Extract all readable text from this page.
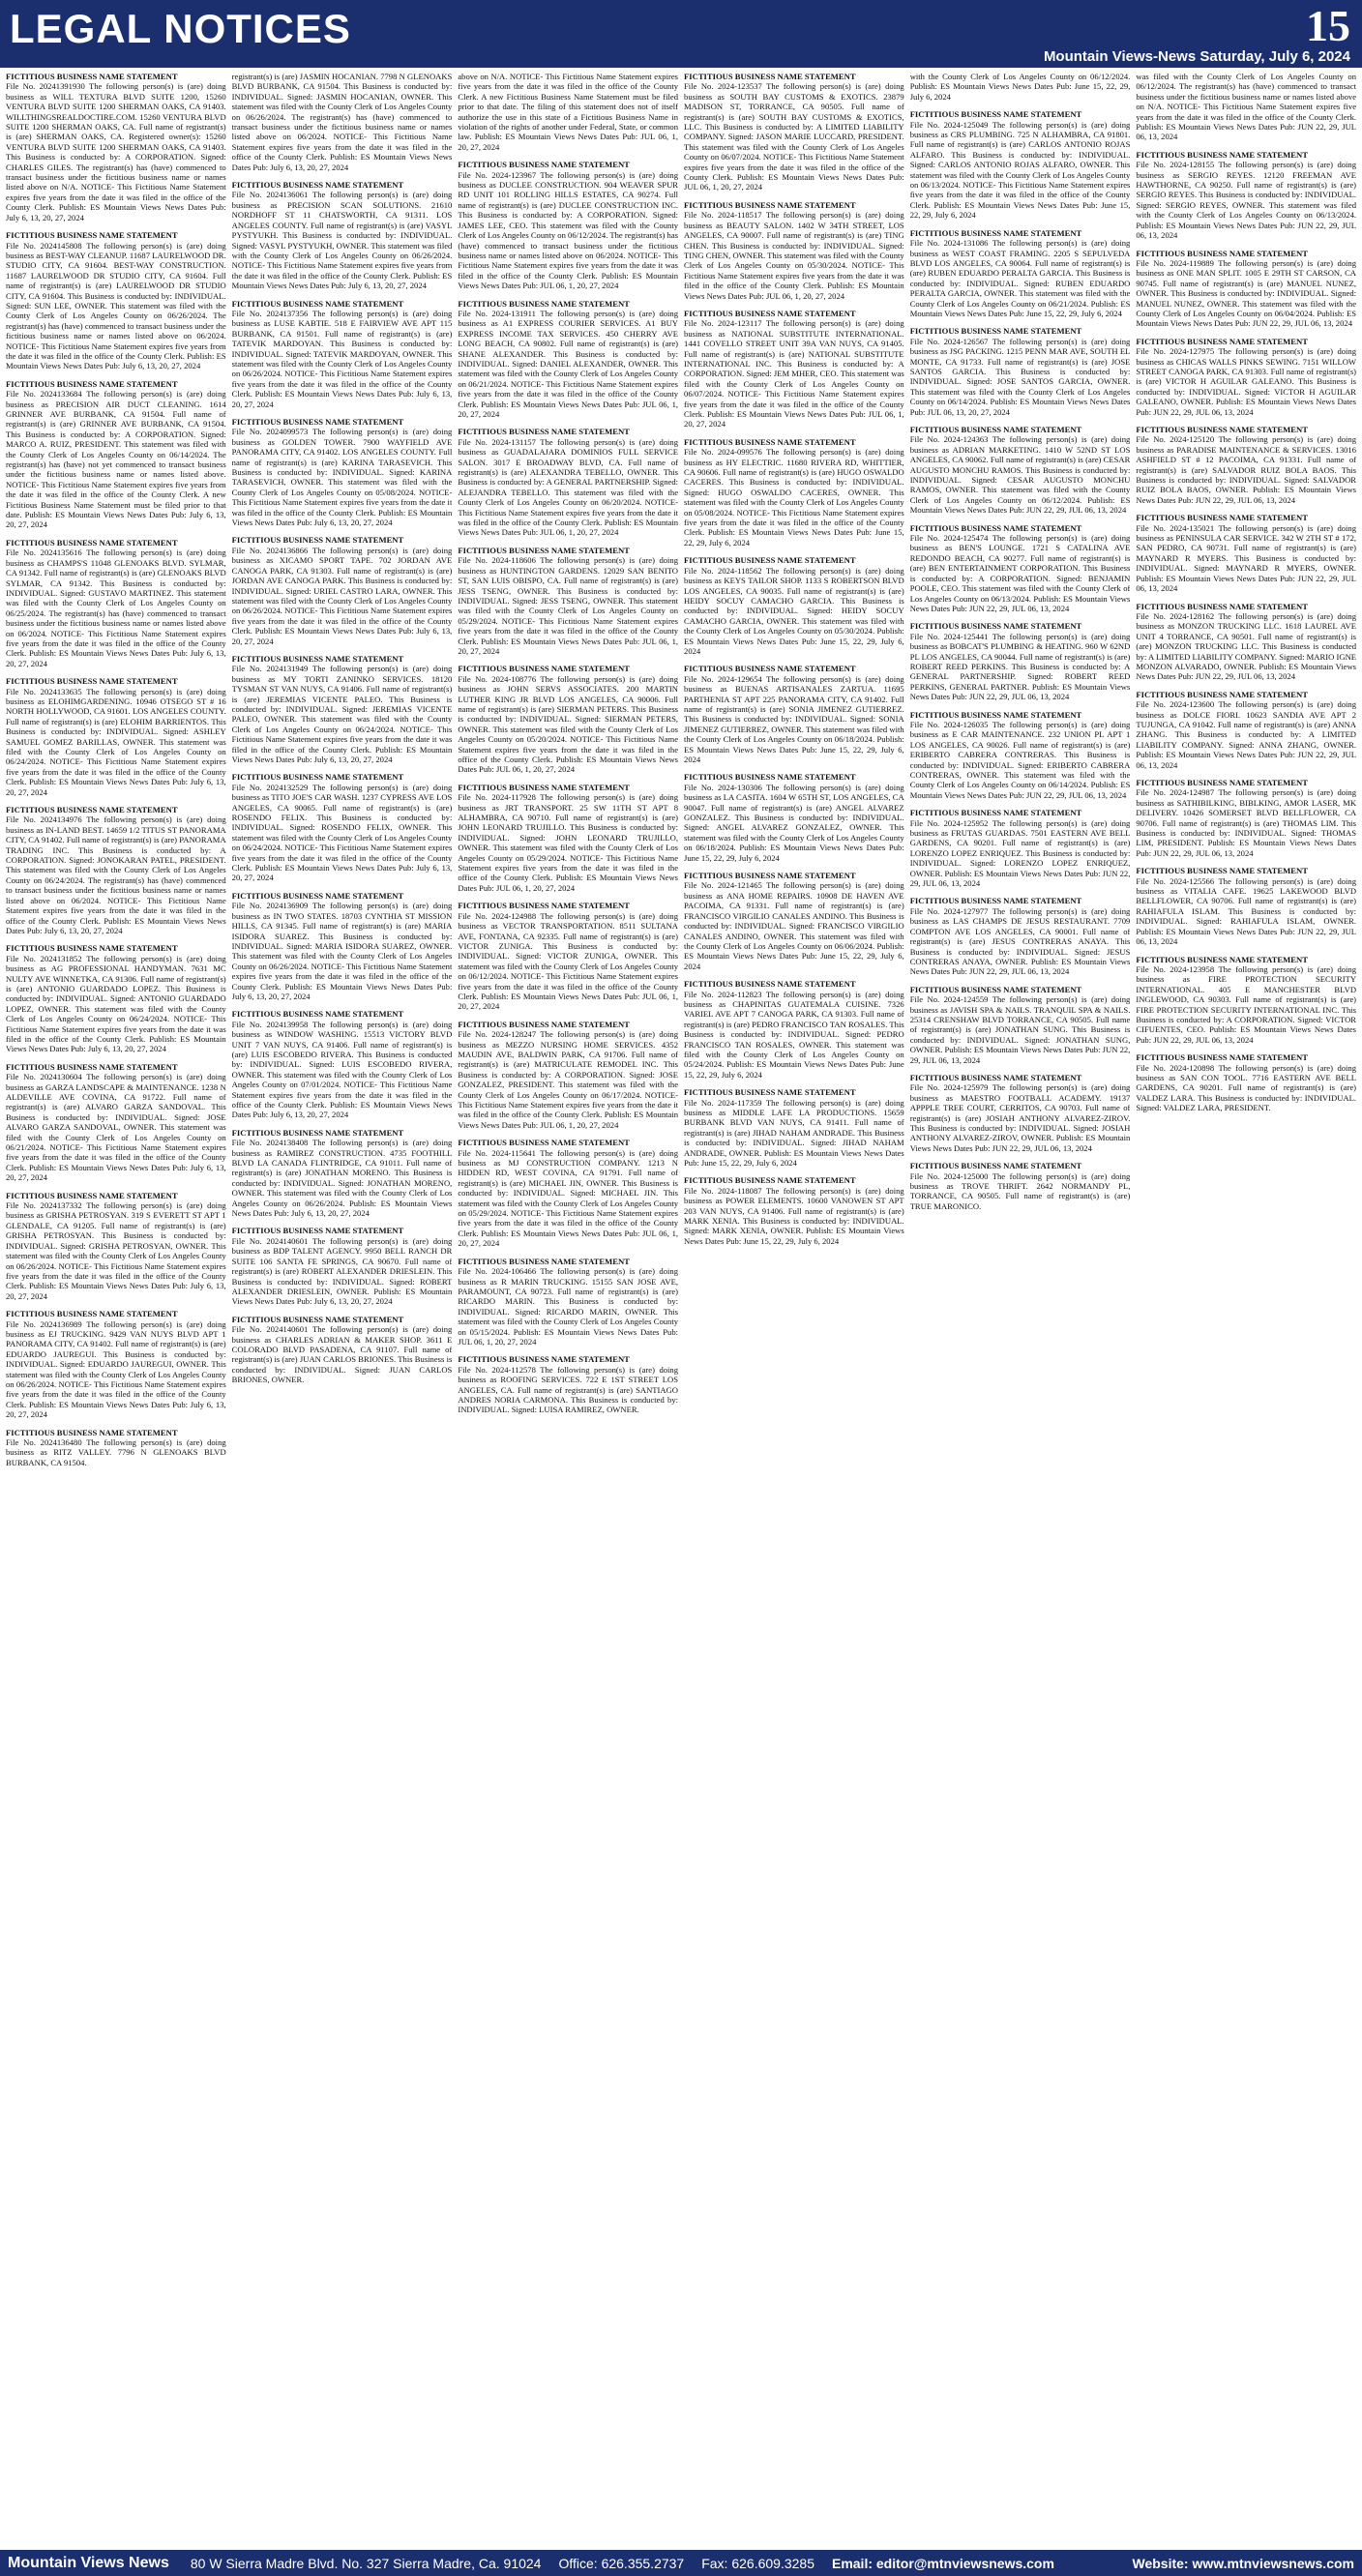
LEGAL NOTICES	15
Mountain Views-News Saturday, July 6, 2024
FICTITIOUS BUSINESS NAME STATEMENT
File No. 20241391930 The following person(s) is (are) doing business as WILL TEXTURA BLVD SUITE 1200, 15260 VENTURA BLVD SUITE 1200 SHERMAN OAKS, CA 91403. WILLTHINGSREALDOCTIRE.COM. 15260 VENTURA BLVD SUITE 1200 SHERMAN OAKS, CA. Full name of registrant(s) is (are) SHERMAN OAKS, CA. Registered owner(s): 15260 VENTURA BLVD SUITE 1200 SHERMAN OAKS, CA 91403. This Business is conducted by: A CORPORATION. Signed: CHARLES GILES. The registrant(s) has (have) commenced to transact business under the fictitious business name or names listed above on N/A. NOTICE- This Fictitious Name Statement expires five years from the date it was filed in the office of the County Clerk. Publish: ES Mountain Views News Dates Pub: July 6, 13, 20, 27, 2024
FICTITIOUS BUSINESS NAME STATEMENT
File No. 2024145808 The following person(s) is (are) doing business as BEST-WAY CLEANUP. 11687 LAURELWOOD DR. STUDIO CITY, CA 91604. BEST-WAY CONSTRUCTION. 11687 LAURELWOOD DR STUDIO CITY, CA 91604. Full name of registrant(s) is (are) LAURELWOOD DR STUDIO CITY, CA 91604. This Business is conducted by: INDIVIDUAL. Signed: SUN LEE, OWNER. This statement was filed with the County Clerk of Los Angeles County on 06/26/2024. The registrant(s) has (have) commenced to transact business under the fictitious business name or names listed above on 06/2024. NOTICE- This Fictitious Name Statement expires five years from the date it was filed in the office of the County Clerk. Publish: ES Mountain Views News Dates Pub: July 6, 13, 20, 27, 2024
FICTITIOUS BUSINESS NAME STATEMENT
File No. 2024133684 The following person(s) is (are) doing business as PRECISION AIR DUCT CLEANING. 1614 GRINNER AVE BURBANK, CA 91504. Full name of registrant(s) is (are) GRINNER AVE BURBANK, CA 91504. This Business is conducted by: A CORPORATION. Signed: MARCO A. RUIZ, PRESIDENT. This statement was filed with the County Clerk of Los Angeles County on 06/14/2024. The registrant(s) has (have) not yet commenced to transact business under the fictitious business name or names listed above. NOTICE- This Fictitious Name Statement expires five years from the date it was filed in the office of the County Clerk. A new Fictitious Business Name Statement must be filed prior to that date. Publish: ES Mountain Views News Dates Pub: July 6, 13, 20, 27, 2024
FICTITIOUS BUSINESS NAME STATEMENT
File No. 2024135616 The following person(s) is (are) doing business as CHAMPS'S 11048 GLENOAKS BLVD. SYLMAR, CA 91342. Full name of registrant(s) is (are) GLENOAKS BLVD SYLMAR, CA 91342. This Business is conducted by: INDIVIDUAL. Signed: GUSTAVO MARTINEZ. This statement was filed with the County Clerk of Los Angeles County on 06/25/2024. The registrant(s) has (have) commenced to transact business under the fictitious business name or names listed above on 06/2024. NOTICE- This Fictitious Name Statement expires five years from the date it was filed in the office of the County Clerk. Publish: ES Mountain Views News Dates Pub: July 6, 13, 20, 27, 2024
FICTITIOUS BUSINESS NAME STATEMENT
File No. 2024133635 The following person(s) is (are) doing business as ELOHIMGARDENING. 10946 OTSEGO ST # 16 NORTH HOLLYWOOD, CA 91601. LOS ANGELES COUNTY. Full name of registrant(s) is (are) ELOHIM BARRIENTOS. This Business is conducted by: INDIVIDUAL. Signed: ASHLEY SAMUEL GOMEZ BARILLAS, OWNER. This statement was filed with the County Clerk of Los Angeles County on 06/24/2024. NOTICE- This Fictitious Name Statement expires five years from the date it was filed in the office of the County Clerk. Publish: ES Mountain Views News Dates Pub: July 6, 13, 20, 27, 2024
FICTITIOUS BUSINESS NAME STATEMENT
File No. 2024134976 The following person(s) is (are) doing business as IN-LAND BEST. 14659 1/2 TITUS ST PANORAMA CITY, CA 91402. Full name of registrant(s) is (are) PANORAMA TRADING INC. This Business is conducted by: A CORPORATION. Signed: JONOKARAN PATEL, PRESIDENT. This statement was filed with the County Clerk of Los Angeles County on 06/24/2024. The registrant(s) has (have) commenced to transact business under the fictitious business name or names listed above on 06/2024. NOTICE- This Fictitious Name Statement expires five years from the date it was filed in the office of the County Clerk. Publish: ES Mountain Views News Dates Pub: July 6, 13, 20, 27, 2024
FICTITIOUS BUSINESS NAME STATEMENT
File No. 2024131852 The following person(s) is (are) doing business as AG PROFESSIONAL HANDYMAN. 7631 MC NULTY AVE WINNETKA, CA 91306. Full name of registrant(s) is (are) ANTONIO GUARDADO LOPEZ. This Business is conducted by: INDIVIDUAL. Signed: ANTONIO GUARDADO LOPEZ, OWNER. This statement was filed with the County Clerk of Los Angeles County on 06/24/2024. NOTICE- This Fictitious Name Statement expires five years from the date it was filed in the office of the County Clerk. Publish: ES Mountain Views News Dates Pub: July 6, 13, 20, 27, 2024
FICTITIOUS BUSINESS NAME STATEMENT
File No. 2024130604 The following person(s) is (are) doing business as GARZA LANDSCAPE & MAINTENANCE. 1238 N ALDEVILLE AVE COVINA, CA 91722. Full name of registrant(s) is (are) ALVARO GARZA SANDOVAL. This Business is conducted by: INDIVIDUAL. Signed: JOSE ALVARO GARZA SANDOVAL, OWNER. This statement was filed with the County Clerk of Los Angeles County on 06/21/2024. NOTICE- This Fictitious Name Statement expires five years from the date it was filed in the office of the County Clerk. Publish: ES Mountain Views News Dates Pub: July 6, 13, 20, 27, 2024
FICTITIOUS BUSINESS NAME STATEMENT
File No. 2024137332 The following person(s) is (are) doing business as GRISHA PETROSYAN. 319 S EVERETT ST APT 1 GLENDALE, CA 91205. Full name of registrant(s) is (are) GRISHA PETROSYAN. This Business is conducted by: INDIVIDUAL. Signed: GRISHA PETROSYAN, OWNER. This statement was filed with the County Clerk of Los Angeles County on 06/26/2024. NOTICE- This Fictitious Name Statement expires five years from the date it was filed in the office of the County Clerk. Publish: ES Mountain Views News Dates Pub: July 6, 13, 20, 27, 2024
FICTITIOUS BUSINESS NAME STATEMENT
File No. 2024136989 The following person(s) is (are) doing business as EJ TRUCKING. 9429 VAN NUYS BLVD APT 1 PANORAMA CITY, CA 91402. Full name of registrant(s) is (are) EDUARDO JAUREGUI. This Business is conducted by: INDIVIDUAL. Signed: EDUARDO JAUREGUI, OWNER. This statement was filed with the County Clerk of Los Angeles County on 06/26/2024. NOTICE- This Fictitious Name Statement expires five years from the date it was filed in the office of the County Clerk. Publish: ES Mountain Views News Dates Pub: July 6, 13, 20, 27, 2024
FICTITIOUS BUSINESS NAME STATEMENT
File No. 2024136480 The following person(s) is (are) doing business as RITZ VALLEY. 7796 N GLENOAKS BLVD BURBANK, CA 91504.
registrant(s) is (are) JASMIN HOCANIAN. 7798 N GLENOAKS BLVD BURBANK, CA 91504. This Business is conducted by: INDIVIDUAL. Signed: JASMIN HOCANIAN, OWNER. This statement was filed with the County Clerk of Los Angeles County on 06/26/2024. The registrant(s) has (have) commenced to transact business under the fictitious business name or names listed above on 06/2024. NOTICE- This Fictitious Name Statement expires five years from the date it was filed in the office of the County Clerk. Publish: ES Mountain Views News Dates Pub: July 6, 13, 20, 27, 2024
FICTITIOUS BUSINESS NAME STATEMENT
File No. 2024136061 The following person(s) is (are) doing business as PRECISION SCAN SOLUTIONS. 21610 NORDHOFF ST 11 CHATSWORTH, CA 91311. LOS ANGELES COUNTY. Full name of registrant(s) is (are) VASYL PYSTYUKH. This Business is conducted by: INDIVIDUAL. Signed: VASYL PYSTYUKH, OWNER. This statement was filed with the County Clerk of Los Angeles County on 06/26/2024. NOTICE- This Fictitious Name Statement expires five years from the date it was filed in the office of the County Clerk. Publish: ES Mountain Views News Dates Pub: July 6, 13, 20, 27, 2024
FICTITIOUS BUSINESS NAME STATEMENT
File No. 2024137356 The following person(s) is (are) doing business as LUSE KABTIE. 518 E FAIRVIEW AVE APT 115 BURBANK, CA 91501. Full name of registrant(s) is (are) TATEVIK MARDOYAN. This Business is conducted by: INDIVIDUAL. Signed: TATEVIK MARDOYAN, OWNER. This statement was filed with the County Clerk of Los Angeles County on 06/26/2024. NOTICE- This Fictitious Name Statement expires five years from the date it was filed in the office of the County Clerk. Publish: ES Mountain Views News Dates Pub: July 6, 13, 20, 27, 2024
FICTITIOUS BUSINESS NAME STATEMENT
File No. 2024099573 The following person(s) is (are) doing business as GOLDEN TOWER. 7900 WAYFIELD AVE PANORAMA CITY, CA 91402. LOS ANGELES COUNTY. Full name of registrant(s) is (are) KARINA TARASEVICH. This Business is conducted by: INDIVIDUAL. Signed: KARINA TARASEVICH, OWNER. This statement was filed with the County Clerk of Los Angeles County on 05/08/2024. NOTICE- This Fictitious Name Statement expires five years from the date it was filed in the office of the County Clerk. Publish: ES Mountain Views News Dates Pub: July 6, 13, 20, 27, 2024
FICTITIOUS BUSINESS NAME STATEMENT
File No. 2024136866 The following person(s) is (are) doing business as XICAMO SPORT TAPE. 702 JORDAN AVE CANOGA PARK, CA 91303. Full name of registrant(s) is (are) JORDAN AVE CANOGA PARK. This Business is conducted by: INDIVIDUAL. Signed: URIEL CASTRO LARA, OWNER. This statement was filed with the County Clerk of Los Angeles County on 06/26/2024. NOTICE- This Fictitious Name Statement expires five years from the date it was filed in the office of the County Clerk. Publish: ES Mountain Views News Dates Pub: July 6, 13, 20, 27, 2024
FICTITIOUS BUSINESS NAME STATEMENT
File No. 2024131949 The following person(s) is (are) doing business as MY TORTI ZANINKO SERVICES. 18120 TYSMAN ST VAN NUYS, CA 91406. Full name of registrant(s) is (are) JEREMIAS VICENTE PALEO. This Business is conducted by: INDIVIDUAL. Signed: JEREMIAS VICENTE PALEO, OWNER. This statement was filed with the County Clerk of Los Angeles County on 06/24/2024. NOTICE- This Fictitious Name Statement expires five years from the date it was filed in the office of the County Clerk. Publish: ES Mountain Views News Dates Pub: July 6, 13, 20, 27, 2024
FICTITIOUS BUSINESS NAME STATEMENT
File No. 2024132529 The following person(s) is (are) doing business as TITO JOE'S CAR WASH. 1237 CYPRESS AVE LOS ANGELES, CA 90065. Full name of registrant(s) is (are) ROSENDO FELIX. This Business is conducted by: INDIVIDUAL. Signed: ROSENDO FELIX, OWNER. This statement was filed with the County Clerk of Los Angeles County on 06/24/2024. NOTICE- This Fictitious Name Statement expires five years from the date it was filed in the office of the County Clerk. Publish: ES Mountain Views News Dates Pub: July 6, 13, 20, 27, 2024
FICTITIOUS BUSINESS NAME STATEMENT
File No. 2024136909 The following person(s) is (are) doing business as IN TWO STATES. 18703 CYNTHIA ST MISSION HILLS, CA 91345. Full name of registrant(s) is (are) MARIA ISIDORA SUAREZ. This Business is conducted by: INDIVIDUAL. Signed: MARIA ISIDORA SUAREZ, OWNER. This statement was filed with the County Clerk of Los Angeles County on 06/26/2024. NOTICE- This Fictitious Name Statement expires five years from the date it was filed in the office of the County Clerk. Publish: ES Mountain Views News Dates Pub: July 6, 13, 20, 27, 2024
FICTITIOUS BUSINESS NAME STATEMENT
File No. 2024139958 The following person(s) is (are) doing business as WINDOW WASHING. 15513 VICTORY BLVD UNIT 7 VAN NUYS, CA 91406. Full name of registrant(s) is (are) LUIS ESCOBEDO RIVERA. This Business is conducted by: INDIVIDUAL. Signed: LUIS ESCOBEDO RIVERA, OWNER. This statement was filed with the County Clerk of Los Angeles County on 07/01/2024. NOTICE- This Fictitious Name Statement expires five years from the date it was filed in the office of the County Clerk. Publish: ES Mountain Views News Dates Pub: July 6, 13, 20, 27, 2024
FICTITIOUS BUSINESS NAME STATEMENT
File No. 2024138408 The following person(s) is (are) doing business as RAMIREZ CONSTRUCTION. 4735 FOOTHILL BLVD LA CANADA FLINTRIDGE, CA 91011. Full name of registrant(s) is (are) JONATHAN MORENO. This Business is conducted by: INDIVIDUAL. Signed: JONATHAN MORENO, OWNER. This statement was filed with the County Clerk of Los Angeles County on 06/26/2024. Publish: ES Mountain Views News Dates Pub: July 6, 13, 20, 27, 2024
FICTITIOUS BUSINESS NAME STATEMENT
File No. 2024140601 The following person(s) is (are) doing business as BDP TALENT AGENCY. 9950 BELL RANCH DR SUITE 106 SANTA FE SPRINGS, CA 90670. Full name of registrant(s) is (are) ROBERT ALEXANDER DRIESLEIN. This Business is conducted by: INDIVIDUAL. Signed: ROBERT ALEXANDER DRIESLEIN, OWNER. Publish: ES Mountain Views News Dates Pub: July 6, 13, 20, 27, 2024
FICTITIOUS BUSINESS NAME STATEMENT
File No. 2024140601 The following person(s) is (are) doing business as CHARLES ADRIAN & MAKER SHOP. 3611 E COLORADO BLVD PASADENA, CA 91107. Full name of registrant(s) is (are) JUAN CARLOS BRIONES. This Business is conducted by: INDIVIDUAL. Signed: JUAN CARLOS BRIONES, OWNER.
above on N/A. NOTICE- This Fictitious Name Statement expires five years from the date it was filed in the office of the County Clerk. A new Fictitious Business Name Statement must be filed prior to that date. The filing of this statement does not of itself authorize the use in this state of a Fictitious Business Name in violation of the rights of another under Federal, State, or common law. Publish: ES Mountain Views News Dates Pub: JUL 06, 1, 20, 27, 2024
FICTITIOUS BUSINESS NAME STATEMENT
File No. 2024-123967 The following person(s) is (are) doing business as DUCLEE CONSTRUCTION. 904 WEAVER SPUR RD UNIT 101 ROLLING HILLS ESTATES, CA 90274. Full name of registrant(s) is (are) DUCLEE CONSTRUCTION INC. This Business is conducted by: A CORPORATION. Signed: JAMES LEE, CEO. This statement was filed with the County Clerk of Los Angeles County on 06/12/2024. The registrant(s) has (have) commenced to transact business under the fictitious business name or names listed above on 06/2024. NOTICE- This Fictitious Name Statement expires five years from the date it was filed in the office of the County Clerk. Publish: ES Mountain Views News Dates Pub: JUL 06, 1, 20, 27, 2024
FICTITIOUS BUSINESS NAME STATEMENT
File No. 2024-131911 The following person(s) is (are) doing business as A1 EXPRESS COURIER SERVICES. A1 BUY EXPRESS INCOME TAX SERVICES. 450 CHERRY AVE LONG BEACH, CA 90802. Full name of registrant(s) is (are) SHANE ALEXANDER. This Business is conducted by: INDIVIDUAL. Signed: DANIEL ALEXANDER, OWNER. This statement was filed with the County Clerk of Los Angeles County on 06/21/2024. NOTICE- This Fictitious Name Statement expires five years from the date it was filed in the office of the County Clerk. Publish: ES Mountain Views News Dates Pub: JUL 06, 1, 20, 27, 2024
FICTITIOUS BUSINESS NAME STATEMENT
File No. 2024-131157 The following person(s) is (are) doing business as GUADALAJARA DOMINIOS FULL SERVICE SALON. 3017 E BROADWAY BLVD, CA. Full name of registrant(s) is (are) ALEXANDRA TEBELLO, OWNER. This Business is conducted by: A GENERAL PARTNERSHIP. Signed: ALEJANDRA TEBELLO. This statement was filed with the County Clerk of Los Angeles County on 06/20/2024. NOTICE- This Fictitious Name Statement expires five years from the date it was filed in the office of the County Clerk. Publish: ES Mountain Views News Dates Pub: JUL 06, 1, 20, 27, 2024
FICTITIOUS BUSINESS NAME STATEMENT
File No. 2024-118606 The following person(s) is (are) doing business as HUNTINGTON GARDENS. 12029 SAN BENITO ST, SAN LUIS OBISPO, CA. Full name of registrant(s) is (are) JESS TSENG, OWNER. This Business is conducted by: INDIVIDUAL. Signed: JESS TSENG, OWNER. This statement was filed with the County Clerk of Los Angeles County on 05/29/2024. NOTICE- This Fictitious Name Statement expires five years from the date it was filed in the office of the County Clerk. Publish: ES Mountain Views News Dates Pub: JUL 06, 1, 20, 27, 2024
FICTITIOUS BUSINESS NAME STATEMENT
File No. 2024-108776 The following person(s) is (are) doing business as JOHN SERVS ASSOCIATES. 200 MARTIN LUTHER KING JR BLVD LOS ANGELES, CA 90006. Full name of registrant(s) is (are) SIERMAN PETERS. This Business is conducted by: INDIVIDUAL. Signed: SIERMAN PETERS, OWNER. This statement was filed with the County Clerk of Los Angeles County on 05/20/2024. NOTICE- This Fictitious Name Statement expires five years from the date it was filed in the office of the County Clerk. Publish: ES Mountain Views News Dates Pub: JUL 06, 1, 20, 27, 2024
FICTITIOUS BUSINESS NAME STATEMENT
File No. 2024-117928 The following person(s) is (are) doing business as JRT TRANSPORT. 25 SW 11TH ST APT 8 ALHAMBRA, CA 90710. Full name of registrant(s) is (are) JOHN LEONARD TRUJILLO. This Business is conducted by: INDIVIDUAL. Signed: JOHN LEONARD TRUJILLO, OWNER. This statement was filed with the County Clerk of Los Angeles County on 05/29/2024. NOTICE- This Fictitious Name Statement expires five years from the date it was filed in the office of the County Clerk. Publish: ES Mountain Views News Dates Pub: JUL 06, 1, 20, 27, 2024
FICTITIOUS BUSINESS NAME STATEMENT
File No. 2024-124988 The following person(s) is (are) doing business as VECTOR TRANSPORTATION. 8511 SULTANA AVE, FONTANA, CA 92335. Full name of registrant(s) is (are) VICTOR ZUNIGA. This Business is conducted by: INDIVIDUAL. Signed: VICTOR ZUNIGA, OWNER. This statement was filed with the County Clerk of Los Angeles County on 06/12/2024. NOTICE- This Fictitious Name Statement expires five years from the date it was filed in the office of the County Clerk. Publish: ES Mountain Views News Dates Pub: JUL 06, 1, 20, 27, 2024
FICTITIOUS BUSINESS NAME STATEMENT
File No. 2024-128247 The following person(s) is (are) doing business as MEZZO NURSING HOME SERVICES. 4352 MAUDIN AVE, BALDWIN PARK, CA 91706. Full name of registrant(s) is (are) MATRICULATE REMODEL INC. This Business is conducted by: A CORPORATION. Signed: JOSE GONZALEZ, PRESIDENT. This statement was filed with the County Clerk of Los Angeles County on 06/17/2024. NOTICE- This Fictitious Name Statement expires five years from the date it was filed in the office of the County Clerk. Publish: ES Mountain Views News Dates Pub: JUL 06, 1, 20, 27, 2024
FICTITIOUS BUSINESS NAME STATEMENT
File No. 2024-115641 The following person(s) is (are) doing business as MJ CONSTRUCTION COMPANY. 1213 N HIDDEN RD, WEST COVINA, CA 91791. Full name of registrant(s) is (are) MICHAEL JIN, OWNER. This Business is conducted by: INDIVIDUAL. Signed: MICHAEL JIN. This statement was filed with the County Clerk of Los Angeles County on 05/29/2024. NOTICE- This Fictitious Name Statement expires five years from the date it was filed in the office of the County Clerk. Publish: ES Mountain Views News Dates Pub: JUL 06, 1, 20, 27, 2024
FICTITIOUS BUSINESS NAME STATEMENT
File No. 2024-106466 The following person(s) is (are) doing business as R MARIN TRUCKING. 15155 SAN JOSE AVE, PARAMOUNT, CA 90723. Full name of registrant(s) is (are) RICARDO MARIN. This Business is conducted by: INDIVIDUAL. Signed: RICARDO MARIN, OWNER. This statement was filed with the County Clerk of Los Angeles County on 05/15/2024. Publish: ES Mountain Views News Dates Pub: JUL 06, 1, 20, 27, 2024
FICTITIOUS BUSINESS NAME STATEMENT
File No. 2024-112578 The following person(s) is (are) doing business as ROOFING SERVICES. 722 E 1ST STREET LOS ANGELES, CA. Full name of registrant(s) is (are) SANTIAGO ANDRES NORIA CARMONA. This Business is conducted by: INDIVIDUAL. Signed: LUISA RAMIREZ, OWNER.
FICTITIOUS BUSINESS NAME STATEMENT
File No. 2024-123537 The following person(s) is (are) doing business as SOUTH BAY CUSTOMS & EXOTICS. 23879 MADISON ST, TORRANCE, CA 90505. Full name of registrant(s) is (are) SOUTH BAY CUSTOMS & EXOTICS, LLC. This Business is conducted by: A LIMITED LIABILITY COMPANY. Signed: JASON MARIE LUCCARD, PRESIDENT. This statement was filed with the County Clerk of Los Angeles County on 06/07/2024. NOTICE- This Fictitious Name Statement expires five years from the date it was filed in the office of the County Clerk. Publish: ES Mountain Views News Dates Pub: JUL 06, 1, 20, 27, 2024
FICTITIOUS BUSINESS NAME STATEMENT
File No. 2024-118517 The following person(s) is (are) doing business as BEAUTY SALON. 1402 W 34TH STREET, LOS ANGELES, CA 90007. Full name of registrant(s) is (are) TING CHEN. This Business is conducted by: INDIVIDUAL. Signed: TING CHEN, OWNER. This statement was filed with the County Clerk of Los Angeles County on 05/30/2024. NOTICE- This Fictitious Name Statement expires five years from the date it was filed in the office of the County Clerk. Publish: ES Mountain Views News Dates Pub: JUL 06, 1, 20, 27, 2024
FICTITIOUS BUSINESS NAME STATEMENT
File No. 2024-123117 The following person(s) is (are) doing business as NATIONAL SUBSTITUTE INTERNATIONAL. 1441 COVELLO STREET UNIT 39A VAN NUYS, CA 91405. Full name of registrant(s) is (are) NATIONAL SUBSTITUTE INTERNATIONAL INC. This Business is conducted by: A CORPORATION. Signed: JEM MHER, CEO. This statement was filed with the County Clerk of Los Angeles County on 06/07/2024. NOTICE- This Fictitious Name Statement expires five years from the date it was filed in the office of the County Clerk. Publish: ES Mountain Views News Dates Pub: JUL 06, 1, 20, 27, 2024
FICTITIOUS BUSINESS NAME STATEMENT
File No. 2024-099576 The following person(s) is (are) doing business as HY ELECTRIC. 11680 RIVERA RD, WHITTIER, CA 90606. Full name of registrant(s) is (are) HUGO OSWALDO CACERES. This Business is conducted by: INDIVIDUAL. Signed: HUGO OSWALDO CACERES, OWNER. This statement was filed with the County Clerk of Los Angeles County on 05/08/2024. NOTICE- This Fictitious Name Statement expires five years from the date it was filed in the office of the County Clerk. Publish: ES Mountain Views News Dates Pub: June 15, 22, 29, July 6, 2024
FICTITIOUS BUSINESS NAME STATEMENT
File No. 2024-118562 The following person(s) is (are) doing business as KEYS TAILOR SHOP. 1133 S ROBERTSON BLVD LOS ANGELES, CA 90035. Full name of registrant(s) is (are) HEIDY SOCUY CAMACHO GARCIA. This Business is conducted by: INDIVIDUAL. Signed: HEIDY SOCUY CAMACHO GARCIA, OWNER. This statement was filed with the County Clerk of Los Angeles County on 05/30/2024. Publish: ES Mountain Views News Dates Pub: June 15, 22, 29, July 6, 2024
FICTITIOUS BUSINESS NAME STATEMENT
File No. 2024-129654 The following person(s) is (are) doing business as BUENAS ARTISANALES ZARTUA. 11695 PARTHENIA ST APT 225 PANORAMA CITY, CA 91402. Full name of registrant(s) is (are) SONIA JIMENEZ GUTIERREZ. This Business is conducted by: INDIVIDUAL. Signed: SONIA JIMENEZ GUTIERREZ, OWNER. This statement was filed with the County Clerk of Los Angeles County on 06/18/2024. Publish: ES Mountain Views News Dates Pub: June 15, 22, 29, July 6, 2024
FICTITIOUS BUSINESS NAME STATEMENT
File No. 2024-130306 The following person(s) is (are) doing business as LA CASITA. 1604 W 65TH ST, LOS ANGELES, CA 90047. Full name of registrant(s) is (are) ANGEL ALVAREZ GONZALEZ. This Business is conducted by: INDIVIDUAL. Signed: ANGEL ALVAREZ GONZALEZ, OWNER. This statement was filed with the County Clerk of Los Angeles County on 06/18/2024. Publish: ES Mountain Views News Dates Pub: June 15, 22, 29, July 6, 2024
FICTITIOUS BUSINESS NAME STATEMENT
File No. 2024-121465 The following person(s) is (are) doing business as ANA HOME REPAIRS. 10908 DE HAVEN AVE PACOIMA, CA 91331. Full name of registrant(s) is (are) FRANCISCO VIRGILIO CANALES ANDINO. This Business is conducted by: INDIVIDUAL. Signed: FRANCISCO VIRGILIO CANALES ANDINO, OWNER. This statement was filed with the County Clerk of Los Angeles County on 06/06/2024. Publish: ES Mountain Views News Dates Pub: June 15, 22, 29, July 6, 2024
FICTITIOUS BUSINESS NAME STATEMENT
File No. 2024-112823 The following person(s) is (are) doing business as CHAPINITAS GUATEMALA CUISINE. 7326 VARIEL AVE APT 7 CANOGA PARK, CA 91303. Full name of registrant(s) is (are) PEDRO FRANCISCO TAN ROSALES. This Business is conducted by: INDIVIDUAL. Signed: PEDRO FRANCISCO TAN ROSALES, OWNER. This statement was filed with the County Clerk of Los Angeles County on 05/24/2024. Publish: ES Mountain Views News Dates Pub: June 15, 22, 29, July 6, 2024
FICTITIOUS BUSINESS NAME STATEMENT
File No. 2024-117359 The following person(s) is (are) doing business as MIDDLE LAFE LA PRODUCTIONS. 15659 BURBANK BLVD VAN NUYS, CA 91411. Full name of registrant(s) is (are) JIHAD NAHAM ANDRADE. This Business is conducted by: INDIVIDUAL. Signed: JIHAD NAHAM ANDRADE, OWNER. Publish: ES Mountain Views News Dates Pub: June 15, 22, 29, July 6, 2024
FICTITIOUS BUSINESS NAME STATEMENT
File No. 2024-118087 The following person(s) is (are) doing business as POWER ELEMENTS. 10600 VANOWEN ST APT 203 VAN NUYS, CA 91406. Full name of registrant(s) is (are) MARK XENIA. This Business is conducted by: INDIVIDUAL. Signed: MARK XENIA, OWNER. Publish: ES Mountain Views News Dates Pub: June 15, 22, 29, July 6, 2024
with the County Clerk of Los Angeles County on 06/12/2024. Publish: ES Mountain Views News Dates Pub: June 15, 22, 29, July 6, 2024
FICTITIOUS BUSINESS NAME STATEMENT
File No. 2024-125049 The following person(s) is (are) doing business as CRS PLUMBING. 725 N ALHAMBRA, CA 91801. Full name of registrant(s) is (are) CARLOS ANTONIO ROJAS ALFARO. This Business is conducted by: INDIVIDUAL. Signed: CARLOS ANTONIO ROJAS ALFARO, OWNER. This statement was filed with the County Clerk of Los Angeles County on 06/13/2024. NOTICE- This Fictitious Name Statement expires five years from the date it was filed in the office of the County Clerk. Publish: ES Mountain Views News Dates Pub: June 15, 22, 29, July 6, 2024
FICTITIOUS BUSINESS NAME STATEMENT
File No. 2024-131086 The following person(s) is (are) doing business as WEST COAST FRAMING. 2205 S SEPULVEDA BLVD LOS ANGELES, CA 90064. Full name of registrant(s) is (are) RUBEN EDUARDO PERALTA GARCIA. This Business is conducted by: INDIVIDUAL. Signed: RUBEN EDUARDO PERALTA GARCIA, OWNER. This statement was filed with the County Clerk of Los Angeles County on 06/21/2024. Publish: ES Mountain Views News Dates Pub: June 15, 22, 29, July 6, 2024
FICTITIOUS BUSINESS NAME STATEMENT
File No. 2024-126567 The following person(s) is (are) doing business as JSG PACKING. 1215 PENN MAR AVE, SOUTH EL MONTE, CA 91733. Full name of registrant(s) is (are) JOSE SANTOS GARCIA. This Business is conducted by: INDIVIDUAL. Signed: JOSE SANTOS GARCIA, OWNER. This statement was filed with the County Clerk of Los Angeles County on 06/14/2024. Publish: ES Mountain Views News Dates Pub: JUL 06, 13, 20, 27, 2024
FICTITIOUS BUSINESS NAME STATEMENT
File No. 2024-124363 The following person(s) is (are) doing business as ADRIAN MARKETING. 1410 W 52ND ST LOS ANGELES, CA 90062. Full name of registrant(s) is (are) CESAR AUGUSTO MONCHU RAMOS. This Business is conducted by: INDIVIDUAL. Signed: CESAR AUGUSTO MONCHU RAMOS, OWNER. This statement was filed with the County Clerk of Los Angeles County on 06/12/2024. Publish: ES Mountain Views News Dates Pub: JUN 22, 29, JUL 06, 13, 2024
FICTITIOUS BUSINESS NAME STATEMENT
File No. 2024-125474 The following person(s) is (are) doing business as BEN'S LOUNGE. 1721 S CATALINA AVE REDONDO BEACH, CA 90277. Full name of registrant(s) is (are) BEN ENTERTAINMENT CORPORATION. This Business is conducted by: A CORPORATION. Signed: BENJAMIN POOLE, CEO. This statement was filed with the County Clerk of Los Angeles County on 06/13/2024. Publish: ES Mountain Views News Dates Pub: JUN 22, 29, JUL 06, 13, 2024
FICTITIOUS BUSINESS NAME STATEMENT
File No. 2024-125441 The following person(s) is (are) doing business as BOBCAT'S PLUMBING & HEATING. 960 W 62ND PL LOS ANGELES, CA 90044. Full name of registrant(s) is (are) ROBERT REED PERKINS. This Business is conducted by: A GENERAL PARTNERSHIP. Signed: ROBERT REED PERKINS, GENERAL PARTNER. Publish: ES Mountain Views News Dates Pub: JUN 22, 29, JUL 06, 13, 2024
FICTITIOUS BUSINESS NAME STATEMENT
File No. 2024-126035 The following person(s) is (are) doing business as E CAR MAINTENANCE. 232 UNION PL APT 1 LOS ANGELES, CA 90026. Full name of registrant(s) is (are) ERIBERTO CABRERA CONTRERAS. This Business is conducted by: INDIVIDUAL. Signed: ERIBERTO CABRERA CONTRERAS, OWNER. This statement was filed with the County Clerk of Los Angeles County on 06/14/2024. Publish: ES Mountain Views News Dates Pub: JUN 22, 29, JUL 06, 13, 2024
FICTITIOUS BUSINESS NAME STATEMENT
File No. 2024-125952 The following person(s) is (are) doing business as FRUTAS GUARDAS. 7501 EASTERN AVE BELL GARDENS, CA 90201. Full name of registrant(s) is (are) LORENZO LOPEZ ENRIQUEZ. This Business is conducted by: INDIVIDUAL. Signed: LORENZO LOPEZ ENRIQUEZ, OWNER. Publish: ES Mountain Views News Dates Pub: JUN 22, 29, JUL 06, 13, 2024
FICTITIOUS BUSINESS NAME STATEMENT
File No. 2024-127977 The following person(s) is (are) doing business as LAS CHAMPS DE JESUS RESTAURANT. 7709 COMPTON AVE LOS ANGELES, CA 90001. Full name of registrant(s) is (are) JESUS CONTRERAS ANAYA. This Business is conducted by: INDIVIDUAL. Signed: JESUS CONTRERAS ANAYA, OWNER. Publish: ES Mountain Views News Dates Pub: JUN 22, 29, JUL 06, 13, 2024
FICTITIOUS BUSINESS NAME STATEMENT
File No. 2024-124559 The following person(s) is (are) doing business as JAVISH SPA & NAILS. TRANQUIL SPA & NAILS. 25314 CRENSHAW BLVD TORRANCE, CA 90505. Full name of registrant(s) is (are) JONATHAN SUNG. This Business is conducted by: INDIVIDUAL. Signed: JONATHAN SUNG, OWNER. Publish: ES Mountain Views News Dates Pub: JUN 22, 29, JUL 06, 13, 2024
FICTITIOUS BUSINESS NAME STATEMENT
File No. 2024-125979 The following person(s) is (are) doing business as MAESTRO FOOTBALL ACADEMY. 19137 APPPLE TREE COURT, CERRITOS, CA 90703. Full name of registrant(s) is (are) JOSIAH ANTHONY ALVAREZ-ZIROV. This Business is conducted by: INDIVIDUAL. Signed: JOSIAH ANTHONY ALVAREZ-ZIROV, OWNER. Publish: ES Mountain Views News Dates Pub: JUN 22, 29, JUL 06, 13, 2024
FICTITIOUS BUSINESS NAME STATEMENT
File No. 2024-125000 The following person(s) is (are) doing business as TROVE THRIFT. 2642 NORMANDY PL, TORRANCE, CA 90505. Full name of registrant(s) is (are) TRUE MARONICO.
was filed with the County Clerk of Los Angeles County on 06/12/2024. The registrant(s) has (have) commenced to transact business under the fictitious business name or names listed above on N/A. NOTICE- This Fictitious Name Statement expires five years from the date it was filed in the office of the County Clerk. Publish: ES Mountain Views News Dates Pub: JUN 22, 29, JUL 06, 13, 2024
FICTITIOUS BUSINESS NAME STATEMENT
File No. 2024-128155 The following person(s) is (are) doing business as SERGIO REYES. 12120 FREEMAN AVE HAWTHORNE, CA 90250. Full name of registrant(s) is (are) SERGIO REYES. This Business is conducted by: INDIVIDUAL. Signed: SERGIO REYES, OWNER. This statement was filed with the County Clerk of Los Angeles County on 06/13/2024. Publish: ES Mountain Views News Dates Pub: JUN 22, 29, JUL 06, 13, 2024
FICTITIOUS BUSINESS NAME STATEMENT
File No. 2024-119889 The following person(s) is (are) doing business as ONE MAN SPLIT. 1005 E 29TH ST CARSON, CA 90745. Full name of registrant(s) is (are) MANUEL NUNEZ, OWNER. This Business is conducted by: INDIVIDUAL. Signed: MANUEL NUNEZ, OWNER. This statement was filed with the County Clerk of Los Angeles County on 06/04/2024. Publish: ES Mountain Views News Dates Pub: JUN 22, 29, JUL 06, 13, 2024
FICTITIOUS BUSINESS NAME STATEMENT
File No. 2024-127975 The following person(s) is (are) doing business as CHICAS WALLS PINKS SEWING. 7151 WILLOW STREET CANOGA PARK, CA 91303. Full name of registrant(s) is (are) VICTOR H AGUILAR GALEANO. This Business is conducted by: INDIVIDUAL. Signed: VICTOR H AGUILAR GALEANO, OWNER. Publish: ES Mountain Views News Dates Pub: JUN 22, 29, JUL 06, 13, 2024
FICTITIOUS BUSINESS NAME STATEMENT
File No. 2024-125120 The following person(s) is (are) doing business as PARADISE MAINTENANCE & SERVICES. 13016 ASHFIELD ST # 12 PACOIMA, CA 91331. Full name of registrant(s) is (are) SALVADOR RUIZ BOLA BAOS. This Business is conducted by: INDIVIDUAL. Signed: SALVADOR RUIZ BOLA BAOS, OWNER. Publish: ES Mountain Views News Dates Pub: JUN 22, 29, JUL 06, 13, 2024
FICTITIOUS BUSINESS NAME STATEMENT
File No. 2024-135021 The following person(s) is (are) doing business as PENINSULA CAR SERVICE. 342 W 2TH ST # 172, SAN PEDRO, CA 90731. Full name of registrant(s) is (are) MAYNARD R MYERS. This Business is conducted by: INDIVIDUAL. Signed: MAYNARD R MYERS, OWNER. Publish: ES Mountain Views News Dates Pub: JUN 22, 29, JUL 06, 13, 2024
FICTITIOUS BUSINESS NAME STATEMENT
File No. 2024-128162 The following person(s) is (are) doing business as MONZON TRUCKING LLC. 1618 LAUREL AVE UNIT 4 TORRANCE, CA 90501. Full name of registrant(s) is (are) MONZON TRUCKING LLC. This Business is conducted by: A LIMITED LIABILITY COMPANY. Signed: MARIO IGNE MONZON ALVARADO, OWNER. Publish: ES Mountain Views News Dates Pub: JUN 22, 29, JUL 06, 13, 2024
FICTITIOUS BUSINESS NAME STATEMENT
File No. 2024-123600 The following person(s) is (are) doing business as DOLCE FIORI. 10623 SANDIA AVE APT 2 TUJUNGA, CA 91042. Full name of registrant(s) is (are) ANNA ZHANG. This Business is conducted by: A LIMITED LIABILITY COMPANY. Signed: ANNA ZHANG, OWNER. Publish: ES Mountain Views News Dates Pub: JUN 22, 29, JUL 06, 13, 2024
FICTITIOUS BUSINESS NAME STATEMENT
File No. 2024-124987 The following person(s) is (are) doing business as SATHIBILKING, BIBLKING, AMOR LASER, MK DELIVERY. 10426 SOMERSET BLVD BELLFLOWER, CA 90706. Full name of registrant(s) is (are) THOMAS LIM. This Business is conducted by: INDIVIDUAL. Signed: THOMAS LIM, PRESIDENT. Publish: ES Mountain Views News Dates Pub: JUN 22, 29, JUL 06, 13, 2024
FICTITIOUS BUSINESS NAME STATEMENT
File No. 2024-125566 The following person(s) is (are) doing business as VITALIA CAFE. 19625 LAKEWOOD BLVD BELLFLOWER, CA 90706. Full name of registrant(s) is (are) RAHIAFULA ISLAM. This Business is conducted by: INDIVIDUAL. Signed: RAHIAFULA ISLAM, OWNER. Publish: ES Mountain Views News Dates Pub: JUN 22, 29, JUL 06, 13, 2024
FICTITIOUS BUSINESS NAME STATEMENT
File No. 2024-123958 The following person(s) is (are) doing business as FIRE PROTECTION SECURITY INTERNATIONAL. 405 E MANCHESTER BLVD INGLEWOOD, CA 90303. Full name of registrant(s) is (are) FIRE PROTECTION SECURITY INTERNATIONAL INC. This Business is conducted by: A CORPORATION. Signed: VICTOR CIFUENTES, CEO. Publish: ES Mountain Views News Dates Pub: JUN 22, 29, JUL 06, 13, 2024
FICTITIOUS BUSINESS NAME STATEMENT
File No. 2024-120898 The following person(s) is (are) doing business as SAN CON TOOL. 7716 EASTERN AVE BELL GARDENS, CA 90201. Full name of registrant(s) is (are) VALDEZ LARA. This Business is conducted by: INDIVIDUAL. Signed: VALDEZ LARA, PRESIDENT.
Mountain Views News 80 W Sierra Madre Blvd. No. 327 Sierra Madre, Ca. 91024 Office: 626.355.2737 Fax: 626.609.3285 Email: editor@mtnviewsnews.com	Website: www.mtnviewsnews.com
